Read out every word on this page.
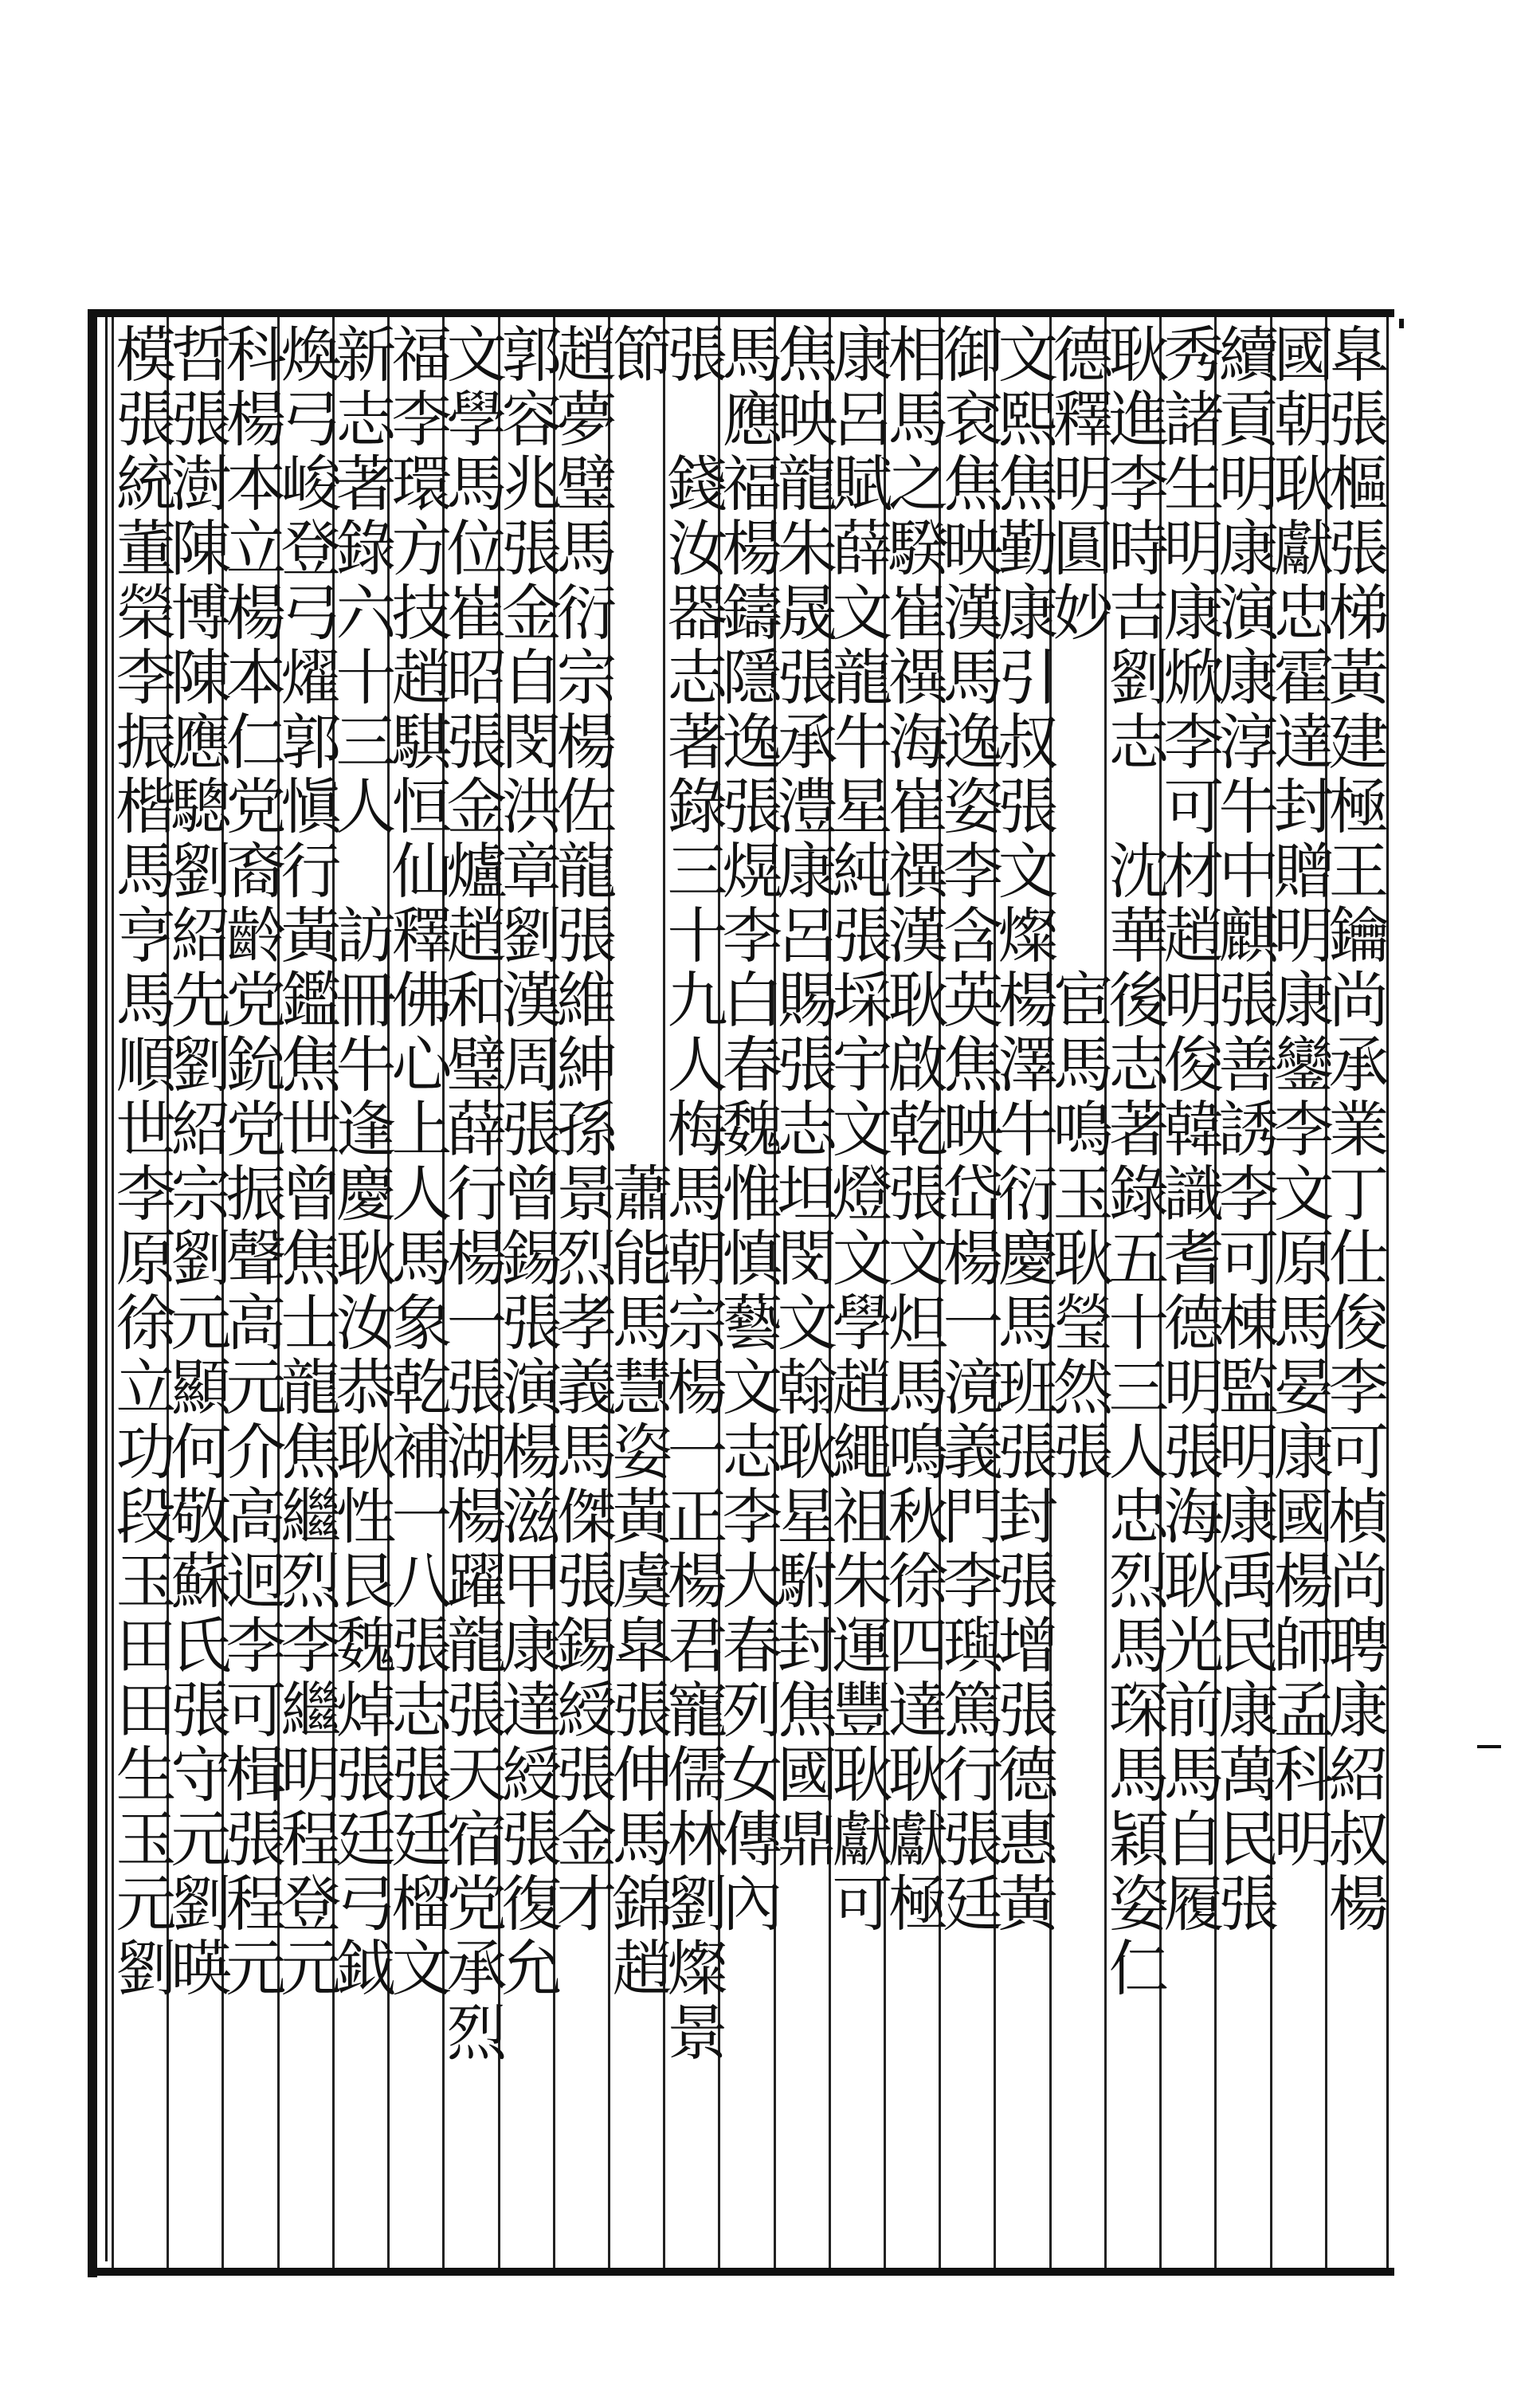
臯張樞張梯黃建極王鑰尚承業丁仕俊李可楨尚聘康紹叔楊
國朝耿獻忠霍達封贈明康鑾李文原馬晏康國楊師孟科明
續貢明康演康淳牛中麒張善誘李可棟監明康禹民康萬民張
秀諸生明康焮李可材趙明俊韓識耆德明張海耿光前馬自履
耿進李時吉劉志　沈華後志著錄五十三人忠烈馬琛馬穎姿仁
德釋明圓妙　　　　　宦馬鳴玉耿瑩然張
文熙焦勤康引叔張文燦楊澤牛衍慶馬班張封張增張德惠黃
御袞焦映漢馬逸姿李含英焦映岱楊一滰義門李璵篤行張廷
相馬之騤崔禩海崔禩漢耿啟乾張文炟馬鳴秋徐四達耿獻極
康呂賦薛文龍牛星純張埰宇文燈文學趙繩祖朱運豐耿獻可
焦映龍朱晟張承澧康呂賜張志坦閔文翰耿星駙封焦國鼎
馬應福楊鑄隱逸張熀李白春魏惟慎藝文志李大春列女傳內
張　錢汝器志著錄三十九人梅馬朝宗楊一正楊君寵儒林劉燦景
節　　　　　　　　　　　　蕭能馬慧姿黃虞臯張伸馬錦趙
趙夢璧馬衍宗楊佐龍張維紳孫景烈孝義馬傑張錫綬張金才
郭容兆張金自閔洪章劉漢周張曾錫張演楊滋甲康達綬張復允
文學馬位崔昭張金爐趙和璧薛行楊一張湖楊躍龍張天宿党承烈
福李環方技趙騏恒仙釋佛心上人馬象乾補一八張志張廷榴文
新志著錄六十三人　訪冊牛逢慶耿汝恭耿性艮魏焯張廷弓鉞
煥弓峻登弓燿郭愼行黃鑑焦世曾焦士龍焦繼烈李繼明程登元
科楊本立楊本仁党裔齡党鈗党振聲高元介高迥李可楫張程元
哲張澍陳博陳應驄劉紹先劉紹宗劉元顯何敬蘇氏張守元劉暎
模張統董榮李振楷馬亨馬順世李原徐立功段玉田田生玉元劉
